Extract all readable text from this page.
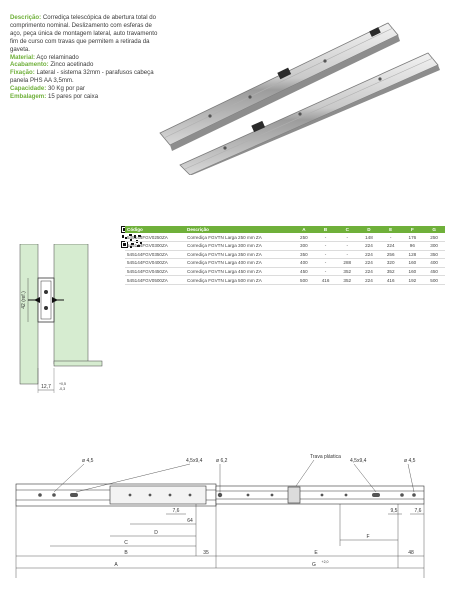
Descrição: Corrediça telescópica de abertura total do comprimento nominal. Deslizamento com esferas de aço, peça única de montagem lateral, auto travamento fim de curso com travas que permitem a retirada da gaveta.

Material: Aço relaminado

Acabamento: Zinco acetinado

Fixação: Lateral - sistema 32mm - parafusos cabeça panela PHS AA 3,5mm.

Capacidade: 30 Kg por par

Embalagem: 15 pares por caixa

42 (ref.)
12,7 +0,5
-0,3
Código	Descrição	A	B	C	D	E	F	G
545144FGV0250ZA	Corrediça FGVTN Larga 250 mm ZA	250	-	-	148	-	176	250
545144FGV0300ZA	Corrediça FGVTN Larga 300 mm ZA	300	-	-	224	224	96	300
545144FGV0350ZA	Corrediça FGVTN Larga 350 mm ZA	350	-	-	224	256	128	350
545144FGV0400ZA	Corrediça FGVTN Larga 400 mm ZA	400	-	288	224	320	160	400
545144FGV0450ZA	Corrediça FGVTN Larga 450 mm ZA	450	-	352	224	352	160	450
545144FGV0500ZA	Corrediça FGVTN Larga 500 mm ZA	500	416	352	224	416	192	500
ø 4,5	4,5x9,4	ø 6,2
Trava plástica
4,5x9,4	ø 4,5
7,6
64
D
C
B	35
A
9,5	7,6
F
E	48
G +2,0
